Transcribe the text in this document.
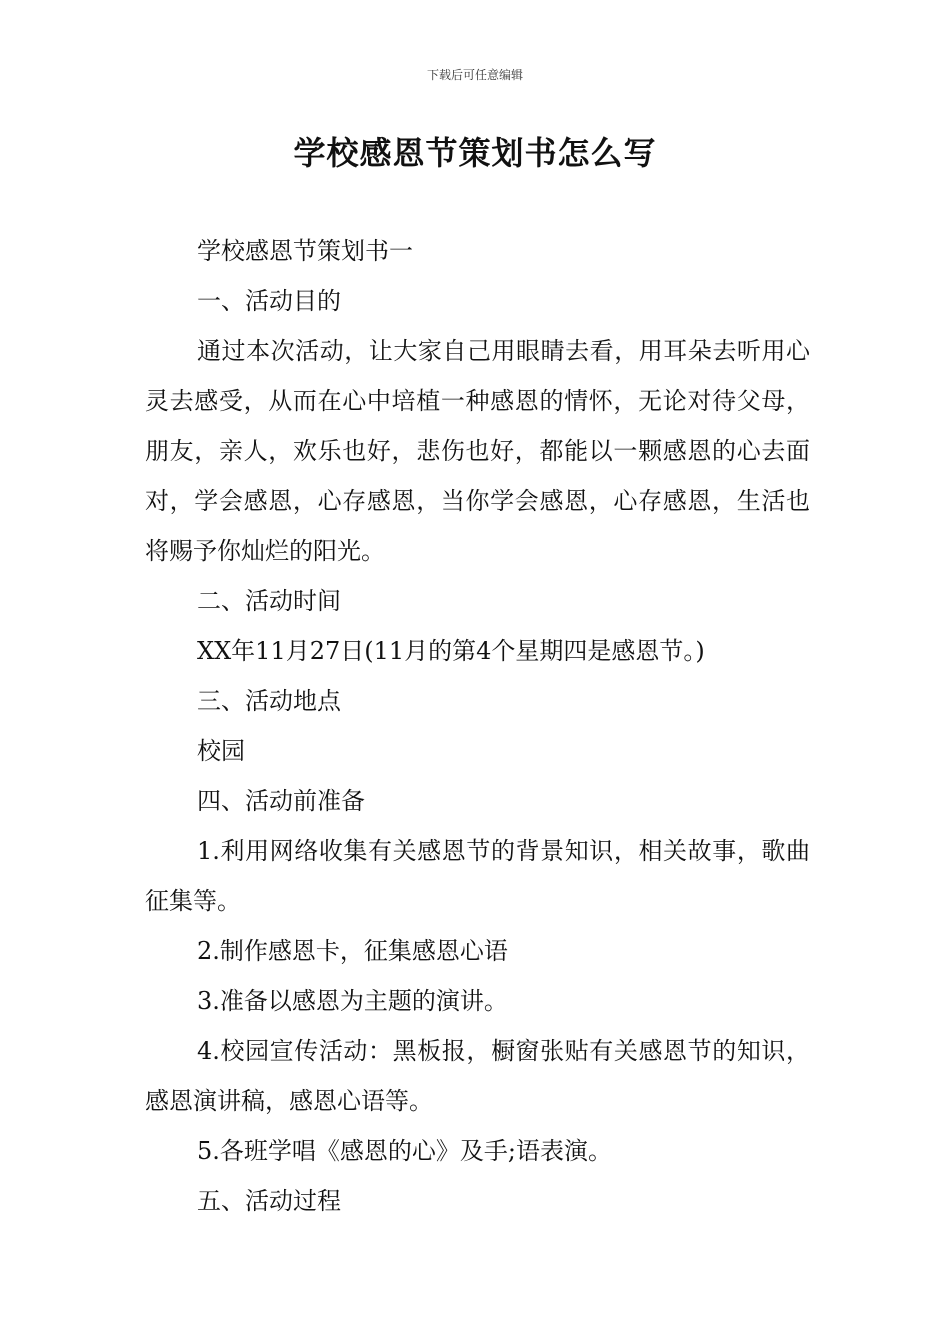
下载后可任意编辑
学校感恩节策划书怎么写

学校感恩节策划书一

一、活动目的

通过本次活动，让大家自己用眼睛去看，用耳朵去听用心灵去感受，从而在心中培植一种感恩的情怀，无论对待父母，朋友，亲人，欢乐也好，悲伤也好，都能以一颗感恩的心去面对，学会感恩，心存感恩，当你学会感恩，心存感恩，生活也将赐予你灿烂的阳光。

二、活动时间

XX年11月27日(11月的第4个星期四是感恩节。)

三、活动地点

校园

四、活动前准备

1.利用网络收集有关感恩节的背景知识，相关故事，歌曲征集等。

2.制作感恩卡，征集感恩心语

3.准备以感恩为主题的演讲。

4.校园宣传活动：黑板报，橱窗张贴有关感恩节的知识，感恩演讲稿，感恩心语等。

5.各班学唱《感恩的心》及手;语表演。

五、活动过程
